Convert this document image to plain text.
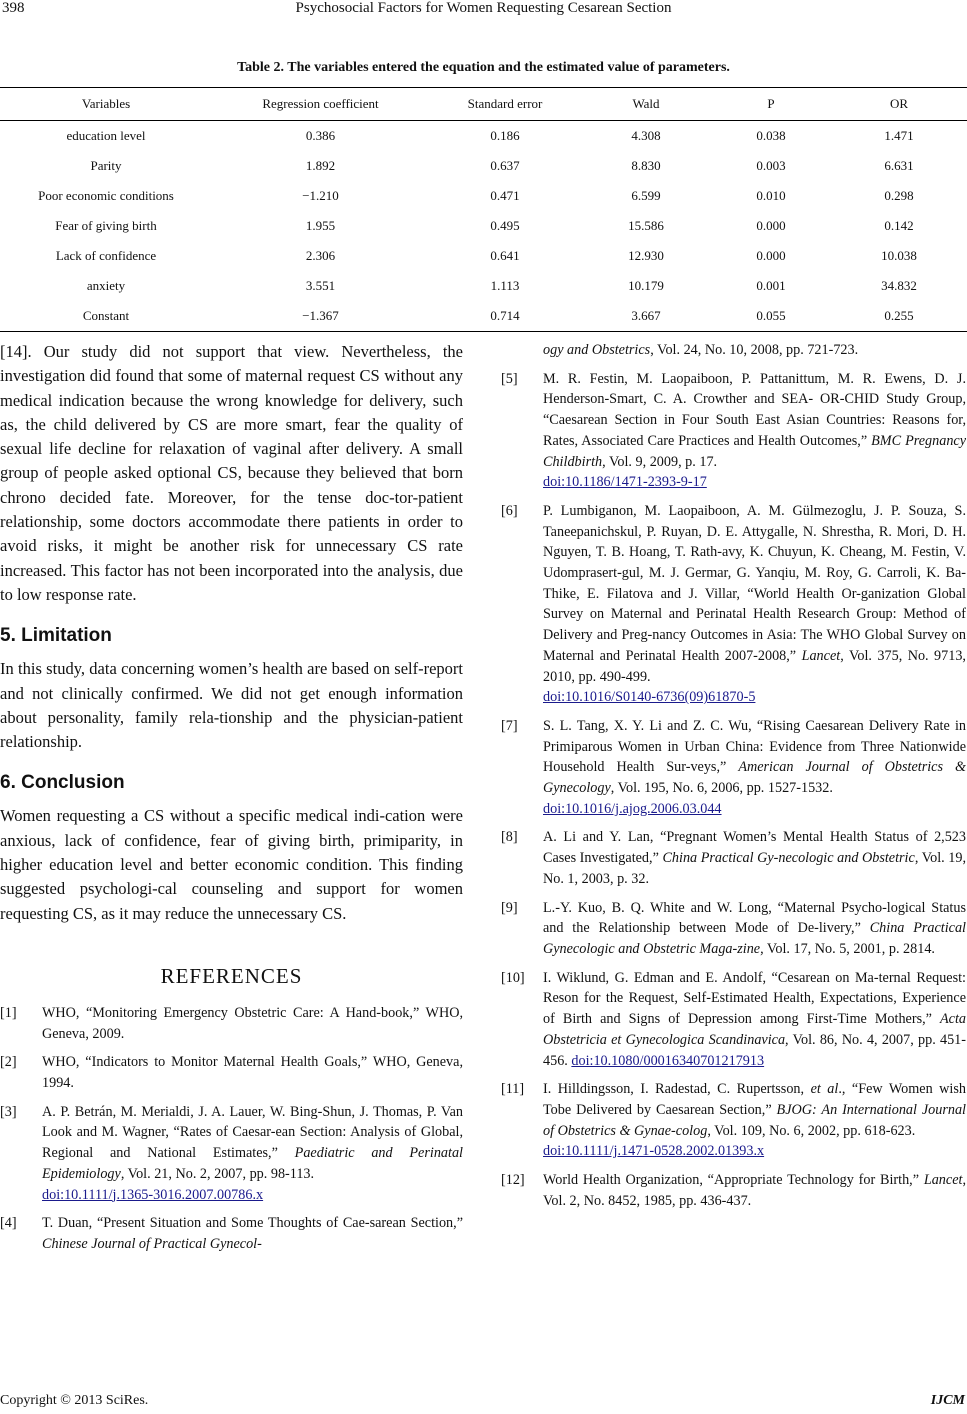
398	Psychosocial Factors for Women Requesting Cesarean Section
Table 2. The variables entered the equation and the estimated value of parameters.
Variables	Regression coefficient	Standard error	Wald	P	OR
education level	0.386	0.186	4.308	0.038	1.471
Parity	1.892	0.637	8.830	0.003	6.631
Poor economic conditions	−1.210	0.471	6.599	0.010	0.298
Fear of giving birth	1.955	0.495	15.586	0.000	0.142
Lack of confidence	2.306	0.641	12.930	0.000	10.038
anxiety	3.551	1.113	10.179	0.001	34.832
Constant	−1.367	0.714	3.667	0.055	0.255

[14]. Our study did not support that view. Nevertheless, the investigation did found that some of maternal request CS without any medical indication because the wrong knowledge for delivery, such as, the child delivered by CS are more smart, fear the quality of sexual life decline for relaxation of vaginal after delivery. A small group of people asked optional CS, because they believed that born chrono decided fate. Moreover, for the tense doc-tor-patient relationship, some doctors accommodate there patients in order to avoid risks, it might be another risk for unnecessary CS rate increased. This factor has not been incorporated into the analysis, due to low response rate.

5. Limitation

In this study, data concerning women’s health are based on self-report and not clinically confirmed. We did not get enough information about personality, family rela-tionship and the physician-patient relationship.

6. Conclusion

Women requesting a CS without a specific medical indi-cation were anxious, lack of confidence, fear of giving birth, primiparity, in higher education level and better economic condition. This finding suggested psychologi-cal counseling and support for women requesting CS, as it may reduce the unnecessary CS.

REFERENCES
[1]	WHO, “Monitoring Emergency Obstetric Care: A Hand-book,” WHO, Geneva, 2009.
[2]	WHO, “Indicators to Monitor Maternal Health Goals,” WHO, Geneva, 1994.
[3]	A. P. Betrán, M. Merialdi, J. A. Lauer, W. Bing-Shun, J. Thomas, P. Van Look and M. Wagner, “Rates of Caesar-ean Section: Analysis of Global, Regional and National Estimates,” Paediatric and Perinatal Epidemiology, Vol. 21, No. 2, 2007, pp. 98-113.
doi:10.1111/j.1365-3016.2007.00786.x
[4]	T. Duan, “Present Situation and Some Thoughts of Cae-sarean Section,” Chinese Journal of Practical Gynecol-
ogy and Obstetrics, Vol. 24, No. 10, 2008, pp. 721-723.
[5]	M. R. Festin, M. Laopaiboon, P. Pattanittum, M. R. Ewens, D. J. Henderson-Smart, C. A. Crowther and SEA- OR-CHID Study Group, “Caesarean Section in Four South East Asian Countries: Reasons for, Rates, Associated Care Practices and Health Outcomes,” BMC Pregnancy Childbirth, Vol. 9, 2009, p. 17.
doi:10.1186/1471-2393-9-17
[6]	P. Lumbiganon, M. Laopaiboon, A. M. Gülmezoglu, J. P. Souza, S. Taneepanichskul, P. Ruyan, D. E. Attygalle, N. Shrestha, R. Mori, D. H. Nguyen, T. B. Hoang, T. Rath-avy, K. Chuyun, K. Cheang, M. Festin, V. Udomprasert-gul, M. J. Germar, G. Yanqiu, M. Roy, G. Carroli, K. Ba-Thike, E. Filatova and J. Villar, “World Health Or-ganization Global Survey on Maternal and Perinatal Health Research Group: Method of Delivery and Preg-nancy Outcomes in Asia: The WHO Global Survey on Maternal and Perinatal Health 2007-2008,” Lancet, Vol. 375, No. 9713, 2010, pp. 490-499.
doi:10.1016/S0140-6736(09)61870-5
[7]	S. L. Tang, X. Y. Li and Z. C. Wu, “Rising Caesarean Delivery Rate in Primiparous Women in Urban China: Evidence from Three Nationwide Household Health Sur-veys,” American Journal of Obstetrics & Gynecology, Vol. 195, No. 6, 2006, pp. 1527-1532.
doi:10.1016/j.ajog.2006.03.044
[8]	A. Li and Y. Lan, “Pregnant Women’s Mental Health Status of 2,523 Cases Investigated,” China Practical Gy-necologic and Obstetric, Vol. 19, No. 1, 2003, p. 32.
[9]	L.-Y. Kuo, B. Q. White and W. Long, “Maternal Psycho-logical Status and the Relationship between Mode of De-livery,” China Practical Gynecologic and Obstetric Maga-zine, Vol. 17, No. 5, 2001, p. 2814.
[10]	I. Wiklund, G. Edman and E. Andolf, “Cesarean on Ma-ternal Request: Reson for the Request, Self-Estimated Health, Expectations, Experience of Birth and Signs of Depression among First-Time Mothers,” Acta Obstetricia et Gynecologica Scandinavica, Vol. 86, No. 4, 2007, pp. 451-456. doi:10.1080/00016340701217913
[11]	I. Hilldingsson, I. Radestad, C. Rupertsson, et al., “Few Women wish Tobe Delivered by Caesarean Section,” BJOG: An International Journal of Obstetrics & Gynae-colog, Vol. 109, No. 6, 2002, pp. 618-623.
doi:10.1111/j.1471-0528.2002.01393.x
[12]	World Health Organization, “Appropriate Technology for Birth,” Lancet, Vol. 2, No. 8452, 1985, pp. 436-437.
Copyright © 2013 SciRes.	IJCM
